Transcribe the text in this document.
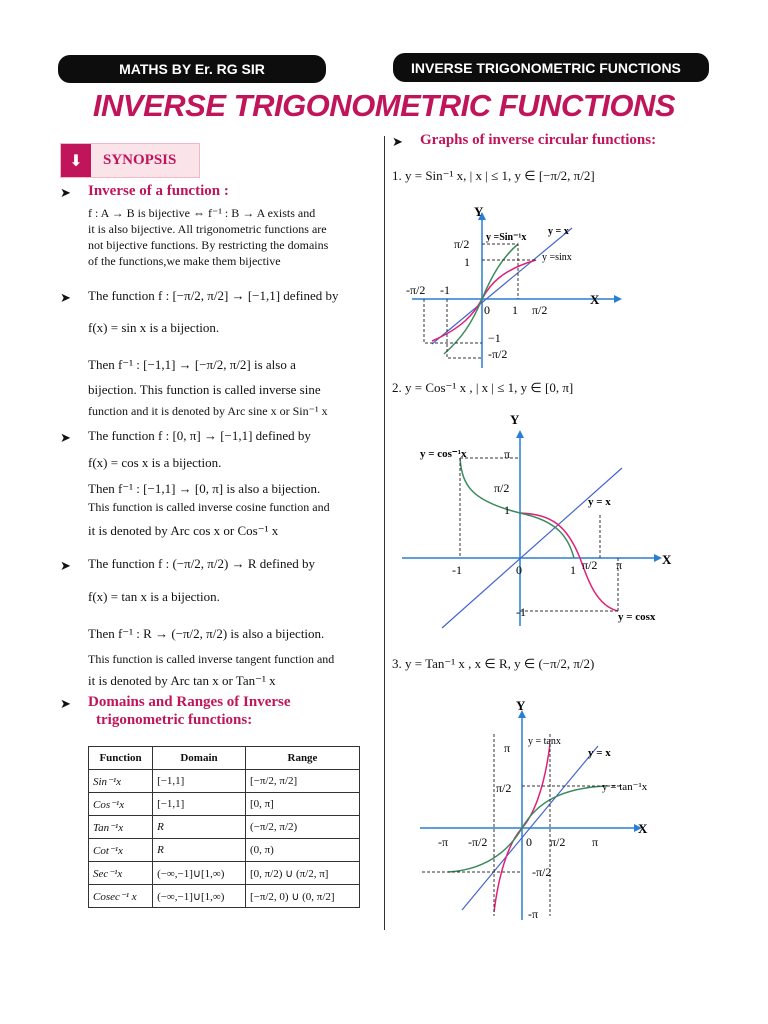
MATHS BY Er. RG SIR	INVERSE TRIGONOMETRIC FUNCTIONS
INVERSE TRIGONOMETRIC FUNCTIONS
⬇	SYNOPSIS
➤ Inverse of a function :
f : A → B is bijective ⇔ f⁻¹ : B → A exists and
it is also bijective. All trigonometric functions are
not bijective functions. By restricting the domains
of the functions,we make them bijective
➤ The function f : [−π/2, π/2] → [−1,1] defined by
f(x) = sin x is a bijection.
Then f⁻¹ : [−1,1] → [−π/2, π/2] is also a
bijection. This function is called inverse sine
function and it is denoted by Arc sine x or Sin⁻¹ x
➤ The function f : [0, π] → [−1,1] defined by
f(x) = cos x is a bijection.
Then f⁻¹ : [−1,1] → [0, π] is also a bijection.
This function is called inverse cosine function and
it is denoted by Arc cos x or Cos⁻¹ x
➤ The function f : (−π/2, π/2) → R defined by
f(x) = tan x is a bijection.
Then f⁻¹ : R → (−π/2, π/2) is also a bijection.
This function is called inverse tangent function and
it is denoted by Arc tan x or Tan⁻¹ x
➤ Domains and Ranges of Inverse
trigonometric functions:
Function	Domain	Range
Sin⁻¹x	[−1,1]	[−π/2, π/2]
Cos⁻¹x	[−1,1]	[0, π]
Tan⁻¹x	R	(−π/2, π/2)
Cot⁻¹x	R	(0, π)
Sec⁻¹x	(−∞,−1]∪[1,∞)	[0, π/2) ∪ (π/2, π]
Cosec⁻¹ x	(−∞,−1]∪[1,∞)	[−π/2, 0) ∪ (0, π/2]
➤ Graphs of inverse circular functions:
1. y = Sin⁻¹ x, | x | ≤ 1, y ∈ [−π/2, π/2]
2. y = Cos⁻¹ x , | x | ≤ 1, y ∈ [0, π]
3. y = Tan⁻¹ x , x ∈ R, y ∈ (−π/2, π/2)
Y
X
π/2
1
-π/2 -1
0 1 π/2
−1
-π/2
y =Sin⁻¹x
y = x
y =sinx
Y
X
y = cos⁻¹x	π
π/2
1
y = x
-1	0	1 π/2 π
-1	y = cosx
Y
X
y = tanx
y = x
π
π/2	y = tan⁻¹x
-π -π/2	0 π/2 π
-π/2
-π
